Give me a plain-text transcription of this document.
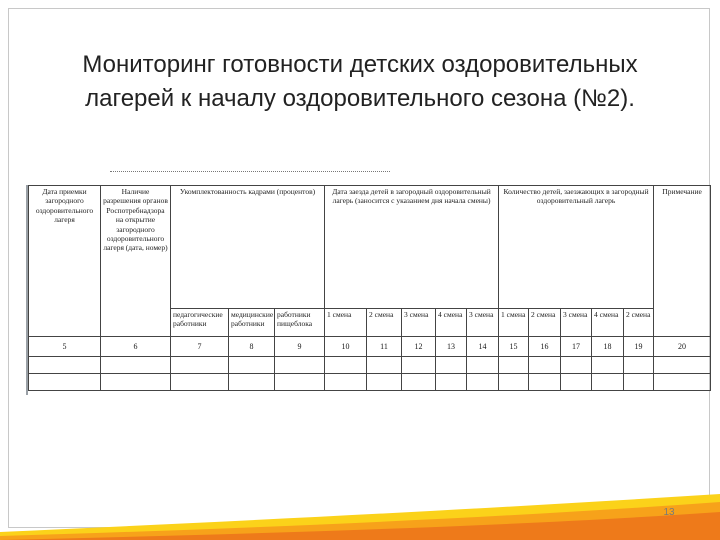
Мониторинг готовности детских оздоровительных
лагерей к началу оздоровительного сезона (№2).
Дата приемки загородного оздоровительного лагеря	Наличие разрешения органов Роспотребнадзора на открытие загородного оздоровительного лагеря (дата, номер)	Укомплектованность кадрами (процентов)			Дата заезда детей в загородный оздоровительный лагерь (заносится с указанием дня начала смены)					Количество детей, заезжающих в загородный оздоровительный лагерь					Примечание
		педагогические работники	медицинские работники	работники пищеблока	1 смена	2 смена	3 смена	4 смена	3 смена	1 смена	2 смена	3 смена	4 смена	2 смена	
5	6	7	8	9	10	11	12	13	14	15	16	17	18	19	20

13
